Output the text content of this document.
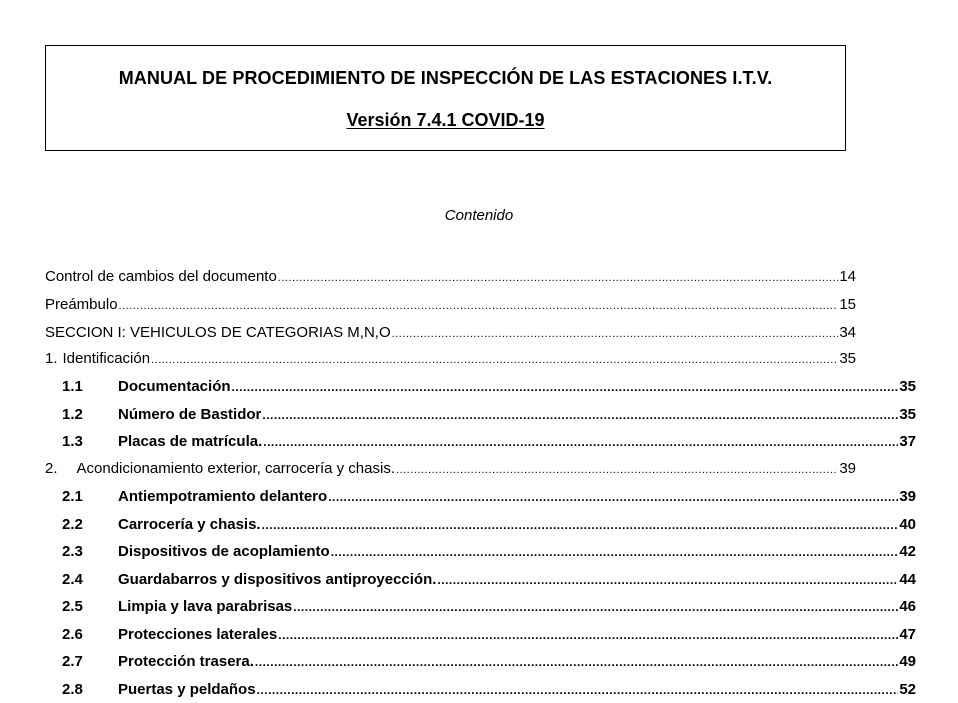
MANUAL DE PROCEDIMIENTO DE INSPECCIÓN DE LAS ESTACIONES I.T.V.
Versión 7.4.1 COVID-19
Contenido
Control de cambios del documento .....	14
Preámbulo .....	15
SECCION I: VEHICULOS DE CATEGORIAS M,N,O .....	34
1. Identificación .....	35
1.1	Documentación .....	35
1.2	Número de Bastidor .....	35
1.3	Placas de matrícula. .....	37
2. Acondicionamiento exterior, carrocería y chasis. .....	39
2.1	Antiempotramiento delantero .....	39
2.2	Carrocería y chasis. .....	40
2.3	Dispositivos de acoplamiento .....	42
2.4	Guardabarros y dispositivos antiproyección. .....	44
2.5	Limpia y lava parabrisas .....	46
2.6	Protecciones laterales .....	47
2.7	Protección trasera. .....	49
2.8	Puertas y peldaños .....	52
